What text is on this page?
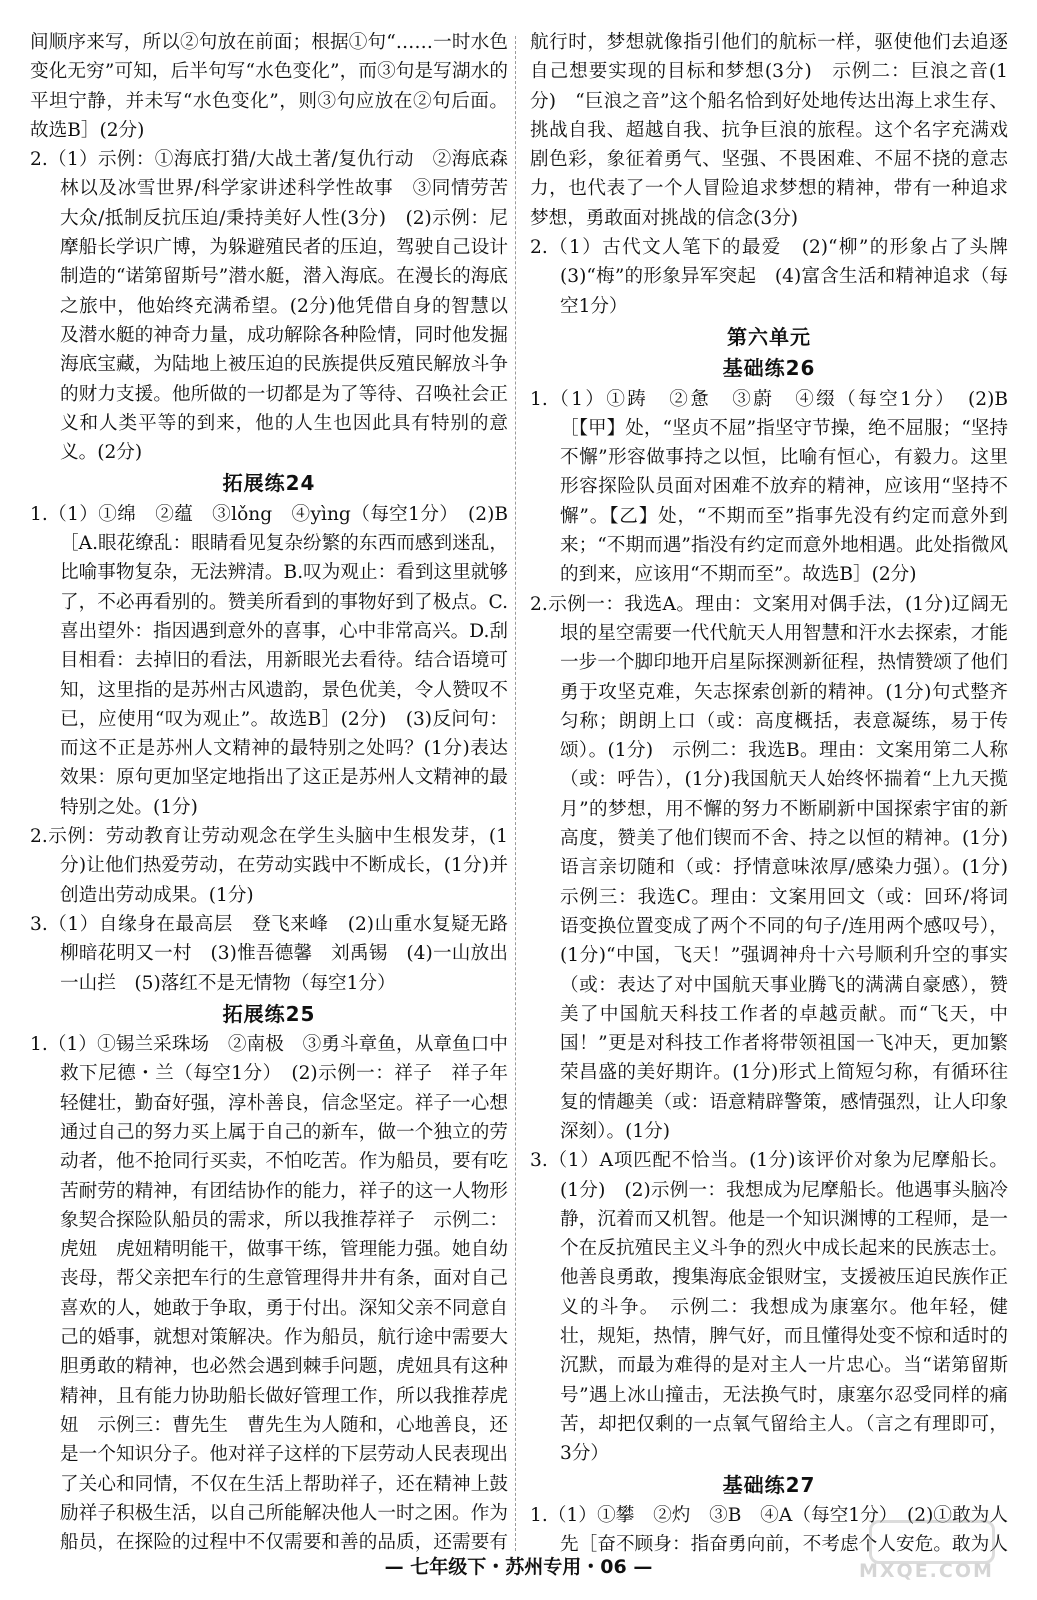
间顺序来写，所以②句放在前面；根据①句“……一时水色变化无穷”可知，后半句写“水色变化”，而③句是写湖水的平坦宁静，并未写“水色变化”，则③句应放在②句后面。故选B］(2分)

2.（1）示例：①海底打猎/大战土著/复仇行动　②海底森林以及冰雪世界/科学家讲述科学性故事　③同情劳苦大众/抵制反抗压迫/秉持美好人性(3分)　(2)示例：尼摩船长学识广博，为躲避殖民者的压迫，驾驶自己设计制造的“诺第留斯号”潜水艇，潜入海底。在漫长的海底之旅中，他始终充满希望。(2分)他凭借自身的智慧以及潜水艇的神奇力量，成功解除各种险情，同时他发掘海底宝藏，为陆地上被压迫的民族提供反殖民解放斗争的财力支援。他所做的一切都是为了等待、召唤社会正义和人类平等的到来，他的人生也因此具有特别的意义。(2分)

拓展练24

1.（1）①绵　②蕴　③lǒng　④yìng（每空1分）　(2)B［A.眼花缭乱：眼睛看见复杂纷繁的东西而感到迷乱，比喻事物复杂，无法辨清。B.叹为观止：看到这里就够了，不必再看别的。赞美所看到的事物好到了极点。C.喜出望外：指因遇到意外的喜事，心中非常高兴。D.刮目相看：去掉旧的看法，用新眼光去看待。结合语境可知，这里指的是苏州古风遗韵，景色优美，令人赞叹不已，应使用“叹为观止”。故选B］(2分)　(3)反问句：而这不正是苏州人文精神的最特别之处吗？(1分)表达效果：原句更加坚定地指出了这正是苏州人文精神的最特别之处。(1分)

2.示例：劳动教育让劳动观念在学生头脑中生根发芽，(1分)让他们热爱劳动，在劳动实践中不断成长，(1分)并创造出劳动成果。(1分)

3.（1）自缘身在最高层　登飞来峰　(2)山重水复疑无路　柳暗花明又一村　(3)惟吾德馨　刘禹锡　(4)一山放出一山拦　(5)落红不是无情物（每空1分）

拓展练25

1.（1）①锡兰采珠场　②南极　③勇斗章鱼，从章鱼口中救下尼德・兰（每空1分）　(2)示例一：祥子　祥子年轻健壮，勤奋好强，淳朴善良，信念坚定。祥子一心想通过自己的努力买上属于自己的新车，做一个独立的劳动者，他不抢同行买卖，不怕吃苦。作为船员，要有吃苦耐劳的精神，有团结协作的能力，祥子的这一人物形象契合探险队船员的需求，所以我推荐祥子　示例二：虎妞　虎妞精明能干，做事干练，管理能力强。她自幼丧母，帮父亲把车行的生意管理得井井有条，面对自己喜欢的人，她敢于争取，勇于付出。深知父亲不同意自己的婚事，就想对策解决。作为船员，航行途中需要大胆勇敢的精神，也必然会遇到棘手问题，虎妞具有这种精神，且有能力协助船长做好管理工作，所以我推荐虎妞　示例三：曹先生　曹先生为人随和，心地善良，还是一个知识分子。他对祥子这样的下层劳动人民表现出了关心和同情，不仅在生活上帮助祥子，还在精神上鼓励祥子积极生活，以自己所能解决他人一时之困。作为船员，在探险的过程中不仅需要和善的品质，还需要有　　

航行时，梦想就像指引他们的航标一样，驱使他们去追逐自己想要实现的目标和梦想(3分)　示例二：巨浪之音(1分)　“巨浪之音”这个船名恰到好处地传达出海上求生存、挑战自我、超越自我、抗争巨浪的旅程。这个名字充满戏剧色彩，象征着勇气、坚强、不畏困难、不屈不挠的意志力，也代表了一个人冒险追求梦想的精神，带有一种追求梦想，勇敢面对挑战的信念(3分)

2.（1）古代文人笔下的最爱　(2)“柳”的形象占了头牌　(3)“梅”的形象异军突起　(4)富含生活和精神追求（每空1分）

第六单元
基础练26

1.（1）①踌　②惫　③蔚　④缀（每空1分）　(2)B［【甲】处，“坚贞不屈”指坚守节操，绝不屈服；“坚持不懈”形容做事持之以恒，比喻有恒心，有毅力。这里形容探险队员面对困难不放弃的精神，应该用“坚持不懈”。【乙】处，“不期而至”指事先没有约定而意外到来；“不期而遇”指没有约定而意外地相遇。此处指微风的到来，应该用“不期而至”。故选B］(2分)

2.示例一：我选A。理由：文案用对偶手法，(1分)辽阔无垠的星空需要一代代航天人用智慧和汗水去探索，才能一步一个脚印地开启星际探测新征程，热情赞颂了他们勇于攻坚克难，矢志探索创新的精神。(1分)句式整齐匀称；朗朗上口（或：高度概括，表意凝练，易于传颂）。(1分)　示例二：我选B。理由：文案用第二人称（或：呼告），(1分)我国航天人始终怀揣着“上九天揽月”的梦想，用不懈的努力不断刷新中国探索宇宙的新高度，赞美了他们锲而不舍、持之以恒的精神。(1分)语言亲切随和（或：抒情意味浓厚/感染力强）。(1分)　示例三：我选C。理由：文案用回文（或：回环/将词语变换位置变成了两个不同的句子/连用两个感叹号），(1分)“中国，飞天！”强调神舟十六号顺利升空的事实（或：表达了对中国航天事业腾飞的满满自豪感），赞美了中国航天科技工作者的卓越贡献。而“飞天，中国！”更是对科技工作者将带领祖国一飞冲天，更加繁荣昌盛的美好期许。(1分)形式上简短匀称，有循环往复的情趣美（或：语意精辟警策，感情强烈，让人印象深刻）。(1分)

3.（1）A项匹配不恰当。(1分)该评价对象为尼摩船长。(1分)　(2)示例一：我想成为尼摩船长。他遇事头脑冷静，沉着而又机智。他是一个知识渊博的工程师，是一个在反抗殖民主义斗争的烈火中成长起来的民族志士。他善良勇敢，搜集海底金银财宝，支援被压迫民族作正义的斗争。　示例二：我想成为康塞尔。他年轻，健壮，规矩，热情，脾气好，而且懂得处变不惊和适时的沉默，而最为难得的是对主人一片忠心。当“诺第留斯号”遇上冰山撞击，无法换气时，康塞尔忍受同样的痛苦，却把仅剩的一点氧气留给主人。（言之有理即可，3分）

基础练27

1.（1）①攀　②灼　③B　④A（每空1分）　(2)①敢为人先［奋不顾身：指奋勇向前，不考虑个人安危。敢为人　

— 七年级下・苏州专用・06 —	MXQE.COM
